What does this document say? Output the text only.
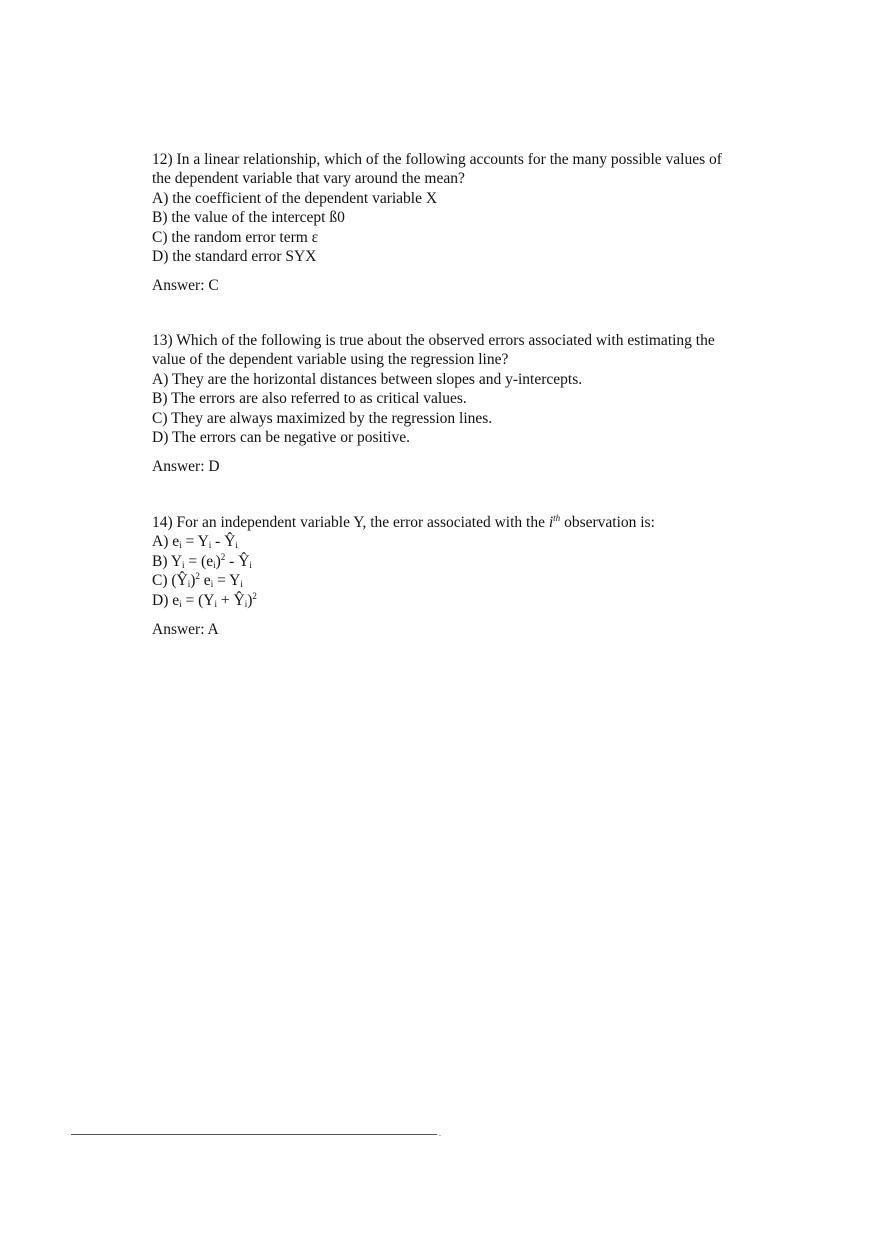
12) In a linear relationship, which of the following accounts for the many possible values of
the dependent variable that vary around the mean?
A) the coefficient of the dependent variable X
B) the value of the intercept ß0
C) the random error term ε
D) the standard error SYX
Answer: C
13) Which of the following is true about the observed errors associated with estimating the
value of the dependent variable using the regression line?
A) They are the horizontal distances between slopes and y-intercepts.
B) The errors are also referred to as critical values.
C) They are always maximized by the regression lines.
D) The errors can be negative or positive.
Answer: D
14) For an independent variable Y, the error associated with the $i^{th}$ observation is:
A) $e_i = Y_i$ - $Ŷ_i$
B) $Y_i = (e_i)^2$ - $Ŷ_i$
C) $(Ŷ_i)^2$ $e_i = Y_i$
D) $e_i = (Y_i$ + $Ŷ_i)^2$
Answer: A
.
